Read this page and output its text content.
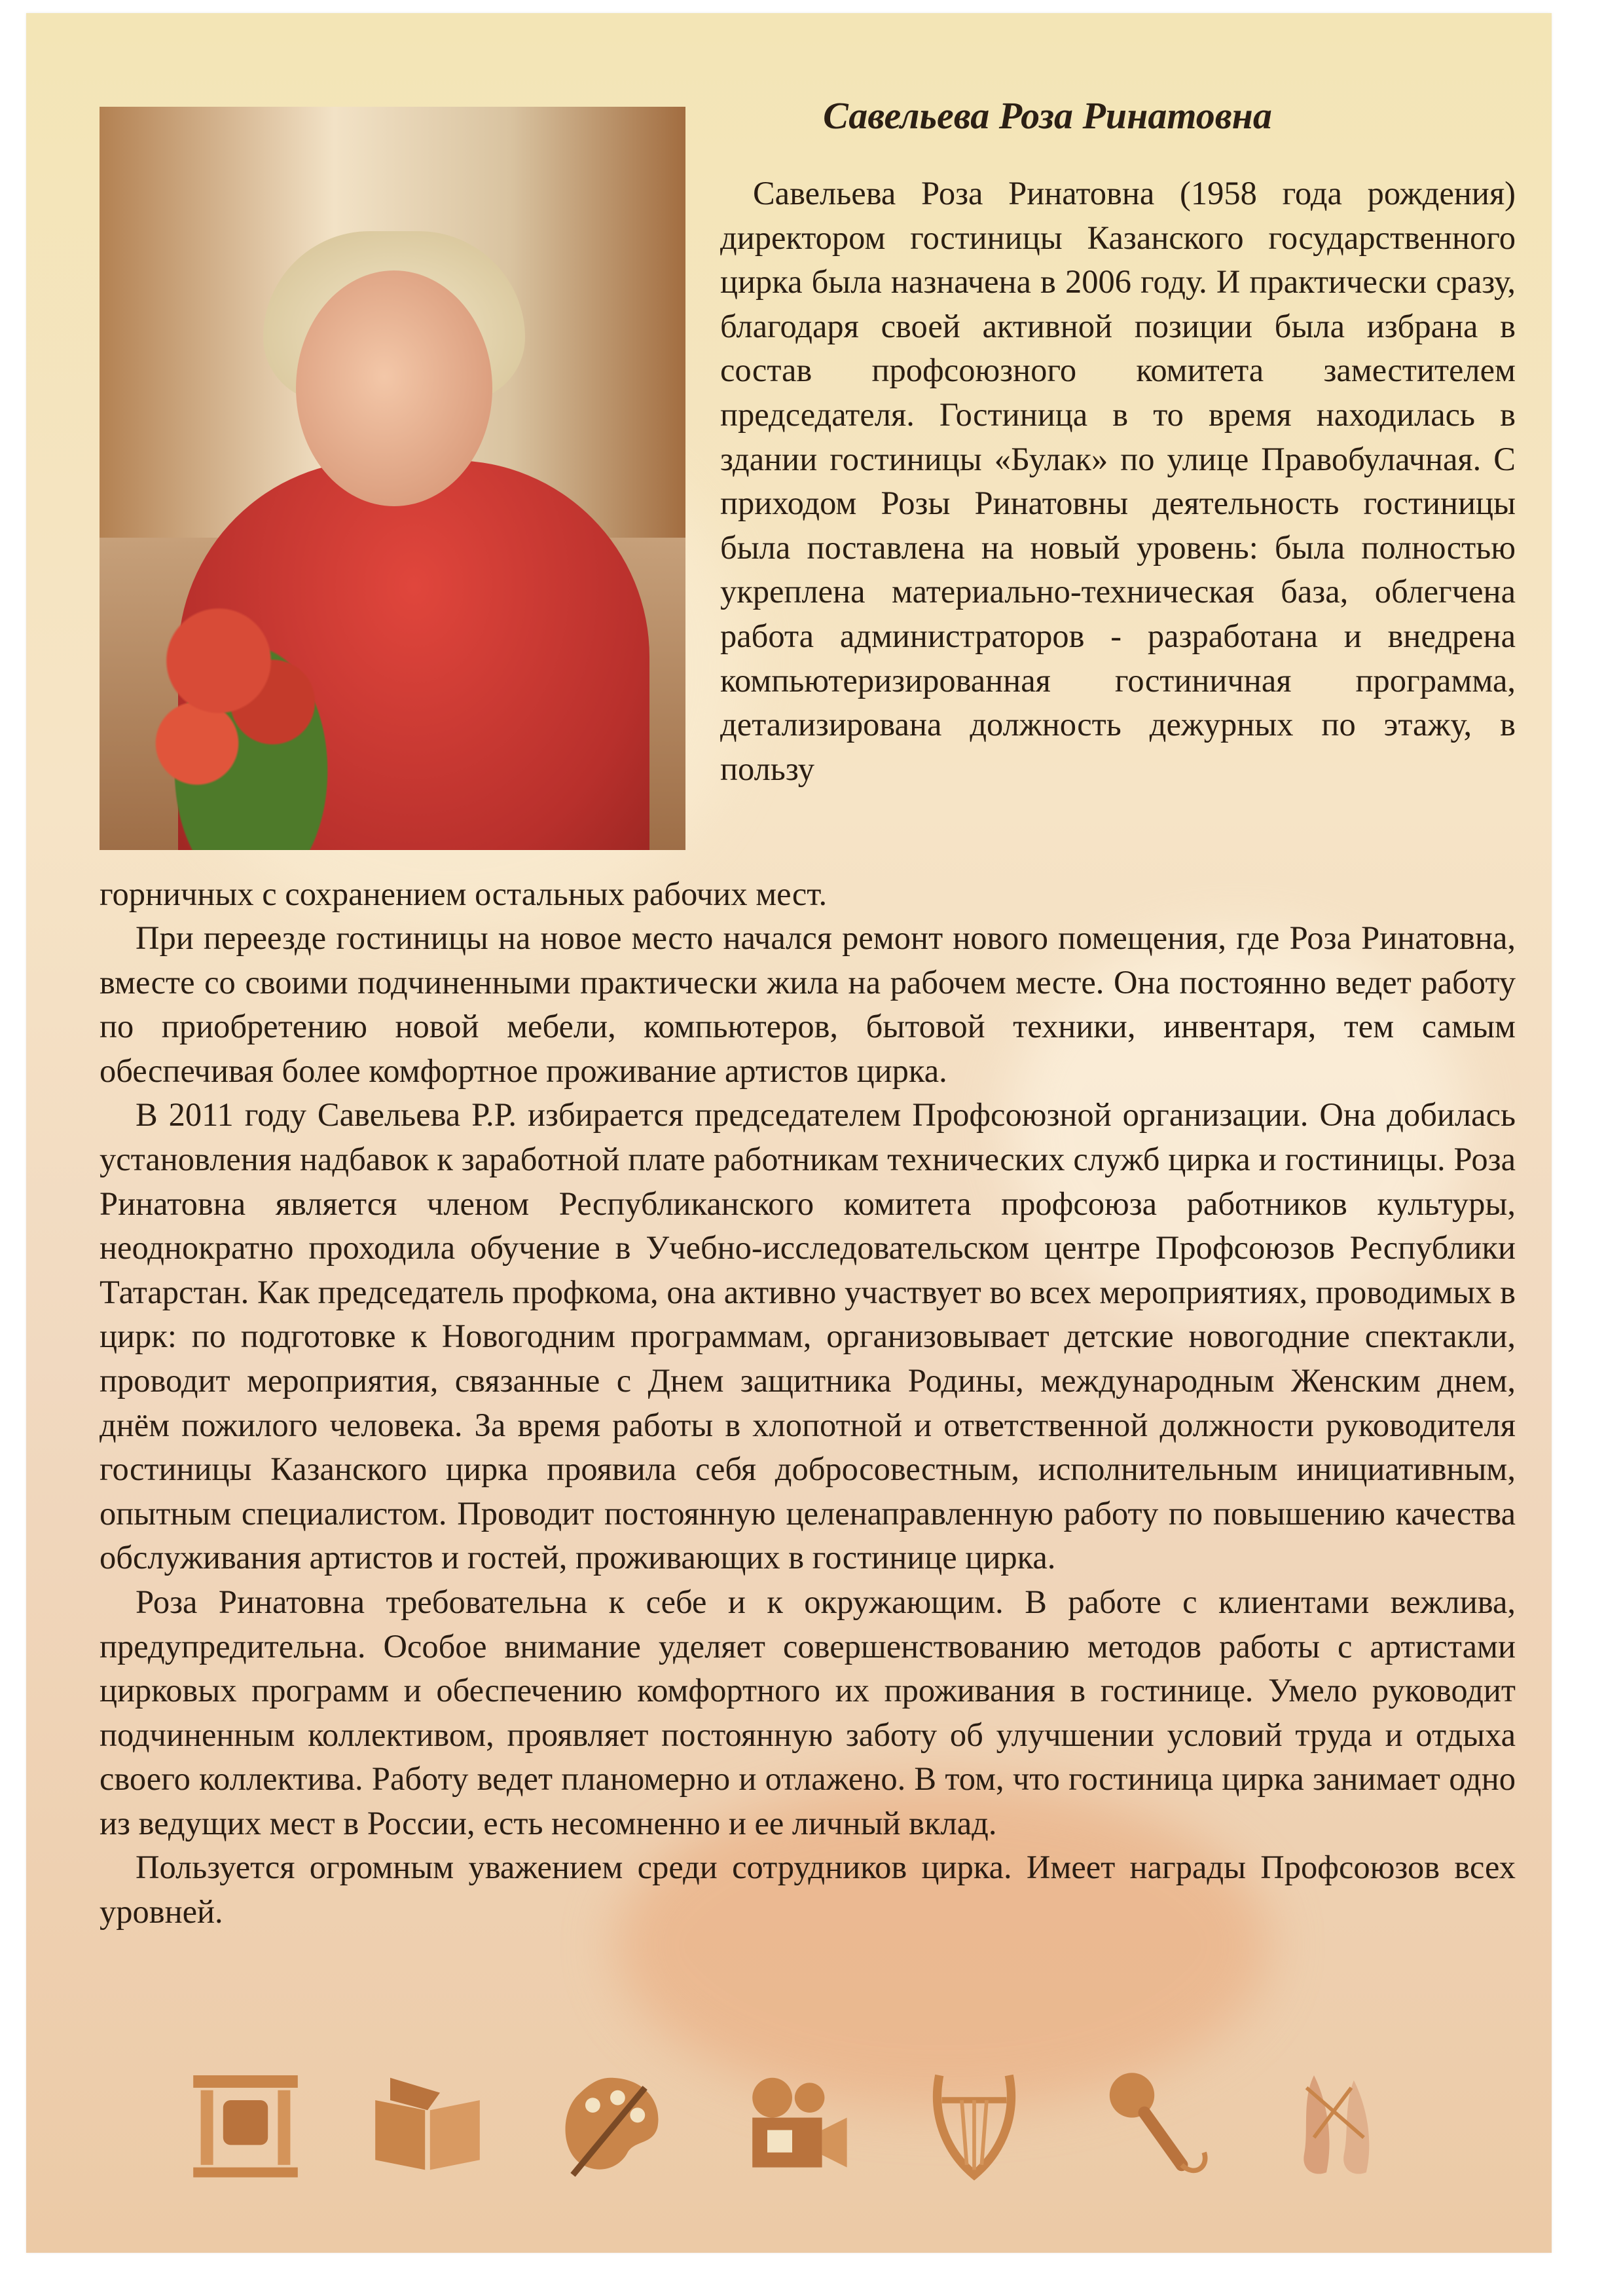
Савельева Роза Ринатовна

Савельева Роза Ринатовна (1958 года рождения) директором гостиницы Казанского государственного цирка была назначена в 2006 году. И практически сразу, благодаря своей активной позиции была избрана в состав профсоюзного комитета заместителем председателя. Гостиница в то время находилась в здании гостиницы «Булак» по улице Правобулачная. С приходом Розы Ринатовны деятельность гостиницы была поставлена на новый уровень: была полностью укреплена материально-техническая база, облегчена работа администраторов - разработана и внедрена компьютеризированная гостиничная программа, детализирована должность дежурных по этажу, в пользу

горничных с сохранением остальных рабочих мест.

При переезде гостиницы на новое место начался ремонт нового помещения, где Роза Ринатовна, вместе со своими подчиненными практически жила на рабочем месте. Она постоянно ведет работу по приобретению новой мебели, компьютеров, бытовой техники, инвентаря, тем самым обеспечивая более комфортное проживание артистов цирка.

В 2011 году Савельева Р.Р. избирается председателем Профсоюзной организации. Она добилась установления надбавок к заработной плате работникам технических служб цирка и гостиницы. Роза Ринатовна является членом Республиканского комитета профсоюза работников культуры, неоднократно проходила обучение в Учебно-исследовательском центре Профсоюзов Республики Татарстан. Как председатель профкома, она активно участвует во всех мероприятиях, проводимых в цирк: по подготовке к Новогодним программам, организовывает детские новогодние спектакли, проводит мероприятия, связанные с Днем защитника Родины, международным Женским днем, днём пожилого человека. За время работы в хлопотной и ответственной должности руководителя гостиницы Казанского цирка проявила себя добросовестным, исполнительным инициативным, опытным специалистом. Проводит постоянную целенаправленную работу по повышению качества обслуживания артистов и гостей, проживающих в гостинице цирка.

Роза Ринатовна требовательна к себе и к окружающим. В работе с клиентами вежлива, предупредительна. Особое внимание уделяет совершенствованию методов работы с артистами цирковых программ и обеспечению комфортного их проживания в гостинице. Умело руководит подчиненным коллективом, проявляет постоянную заботу об улучшении условий труда и отдыха своего коллектива. Работу ведет планомерно и отлажено. В том, что гостиница цирка занимает одно из ведущих мест в России, есть несомненно и ее личный вклад.

Пользуется огромным уважением среди сотрудников цирка. Имеет награды Профсоюзов всех уровней.
